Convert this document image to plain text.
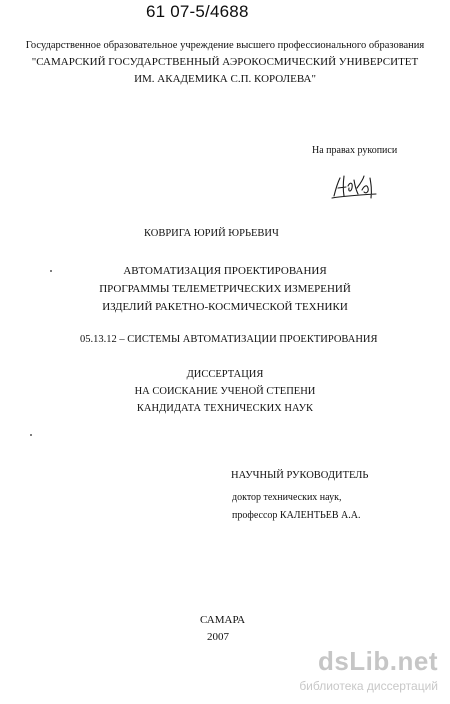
61 07-5/4688
Государственное образовательное учреждение высшего профессионального образования
"САМАРСКИЙ ГОСУДАРСТВЕННЫЙ АЭРОКОСМИЧЕСКИЙ УНИВЕРСИТЕТ
ИМ. АКАДЕМИКА С.П. КОРОЛЕВА"
На правах рукописи
КОВРИГА ЮРИЙ ЮРЬЕВИЧ
АВТОМАТИЗАЦИЯ ПРОЕКТИРОВАНИЯ
ПРОГРАММЫ ТЕЛЕМЕТРИЧЕСКИХ ИЗМЕРЕНИЙ
ИЗДЕЛИЙ РАКЕТНО-КОСМИЧЕСКОЙ ТЕХНИКИ
05.13.12 – СИСТЕМЫ АВТОМАТИЗАЦИИ ПРОЕКТИРОВАНИЯ
ДИССЕРТАЦИЯ
НА СОИСКАНИЕ УЧЕНОЙ СТЕПЕНИ
КАНДИДАТА ТЕХНИЧЕСКИХ НАУК
НАУЧНЫЙ РУКОВОДИТЕЛЬ
доктор технических наук,
профессор КАЛЕНТЬЕВ А.А.
САМАРА
2007
dsLib.net
библиотека диссертаций
